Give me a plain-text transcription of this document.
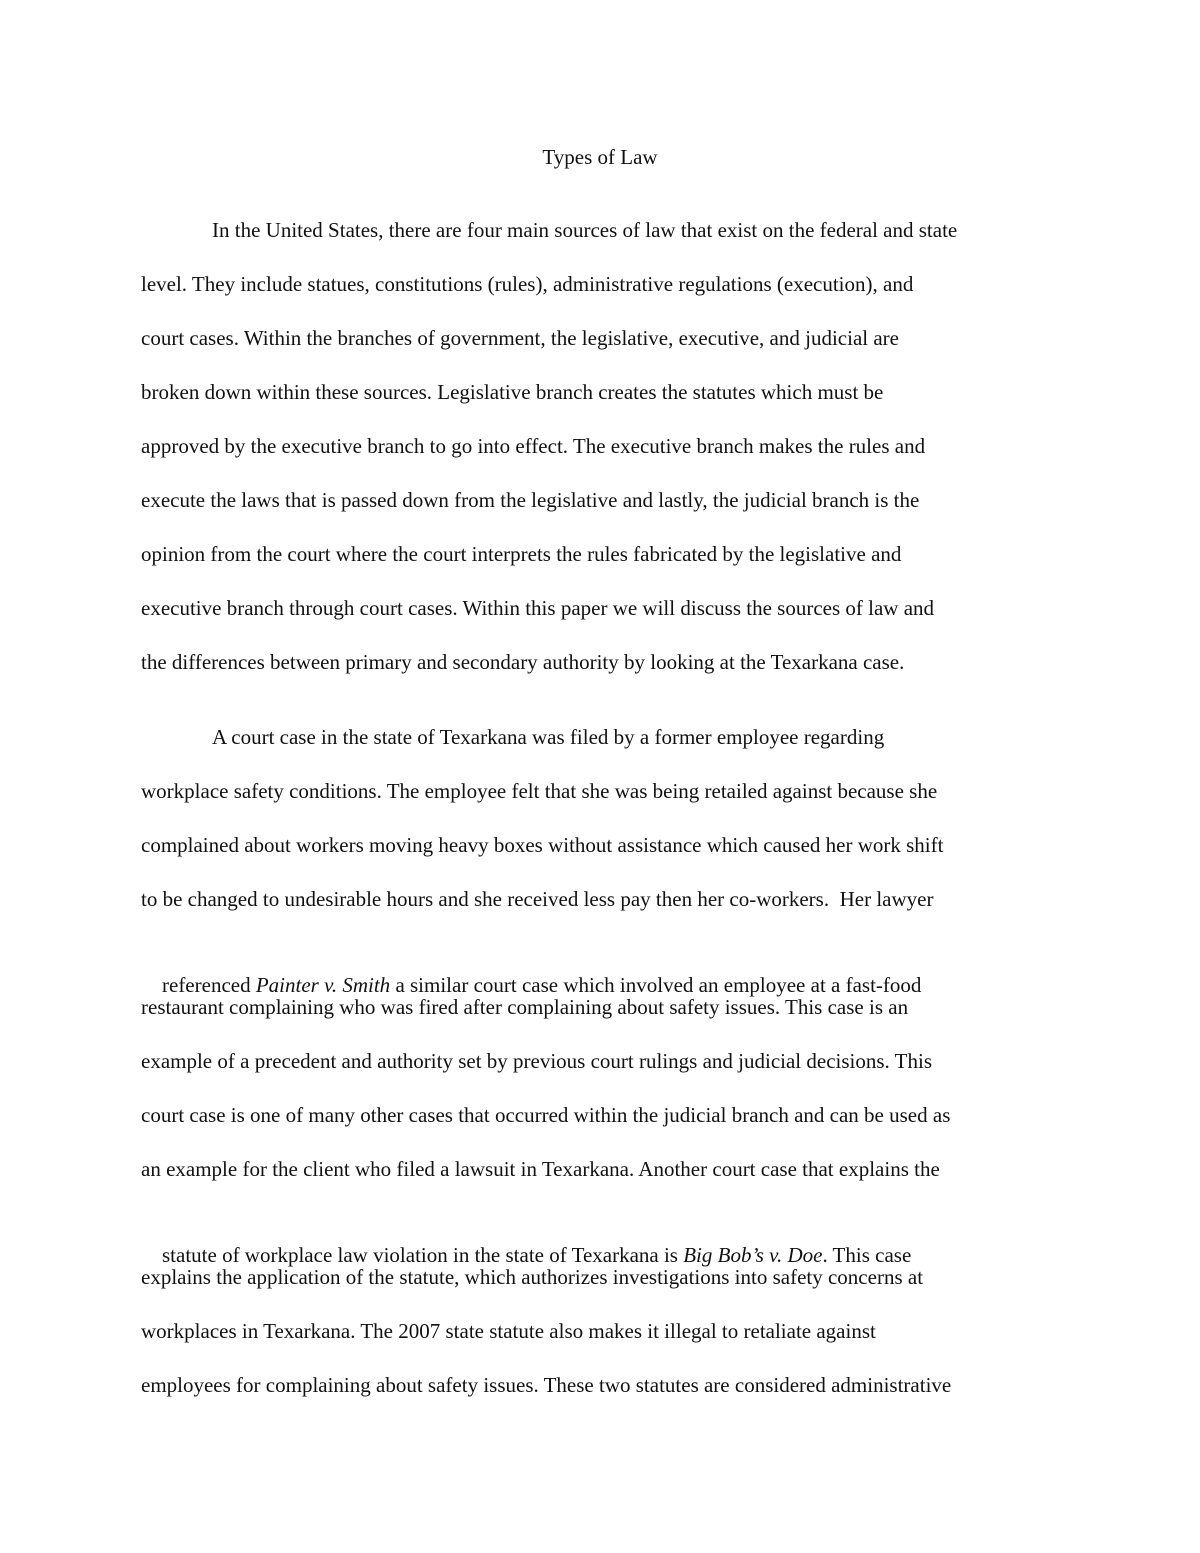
Types of Law
In the United States, there are four main sources of law that exist on the federal and state
level. They include statues, constitutions (rules), administrative regulations (execution), and
court cases. Within the branches of government, the legislative, executive, and judicial are
broken down within these sources. Legislative branch creates the statutes which must be
approved by the executive branch to go into effect. The executive branch makes the rules and
execute the laws that is passed down from the legislative and lastly, the judicial branch is the
opinion from the court where the court interprets the rules fabricated by the legislative and
executive branch through court cases. Within this paper we will discuss the sources of law and
the differences between primary and secondary authority by looking at the Texarkana case.
A court case in the state of Texarkana was filed by a former employee regarding
workplace safety conditions. The employee felt that she was being retailed against because she
complained about workers moving heavy boxes without assistance which caused her work shift
to be changed to undesirable hours and she received less pay then her co-workers.  Her lawyer

referenced Painter v. Smith a similar court case which involved an employee at a fast-food

restaurant complaining who was fired after complaining about safety issues. This case is an
example of a precedent and authority set by previous court rulings and judicial decisions. This
court case is one of many other cases that occurred within the judicial branch and can be used as
an example for the client who filed a lawsuit in Texarkana. Another court case that explains the

statute of workplace law violation in the state of Texarkana is Big Bob’s v. Doe. This case

explains the application of the statute, which authorizes investigations into safety concerns at
workplaces in Texarkana. The 2007 state statute also makes it illegal to retaliate against
employees for complaining about safety issues. These two statutes are considered administrative
